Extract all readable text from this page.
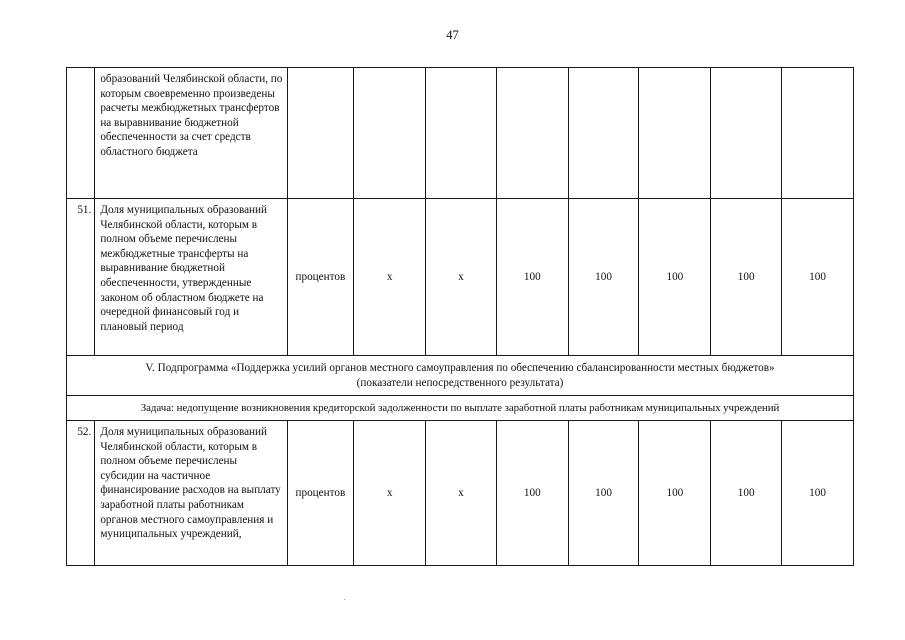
47
	образований Челябинской области, по которым своевременно произведены расчеты межбюджетных трансфертов на выравнивание бюджетной обеспеченности за счет средств областного бюджета								
51.	Доля муниципальных образований Челябинской области, которым в полном объеме перечислены межбюджетные трансферты на выравнивание бюджетной обеспеченности, утвержденные законом об областном бюджете на очередной финансовый год и плановый период	процентов	x	x	100	100	100	100	100

V. Подпрограмма «Поддержка усилий органов местного самоуправления по обеспечению сбалансированности местных бюджетов»
(показатели непосредственного результата)									

Задача: недопущение возникновения кредиторской задолженности по выплате заработной платы работникам муниципальных учреждений									
52.	Доля муниципальных образований Челябинской области, которым в полном объеме перечислены субсидии на частичное финансирование расходов на выплату заработной платы работникам органов местного самоуправления и муниципальных учреждений,	процентов	x	x	100	100	100	100	100
